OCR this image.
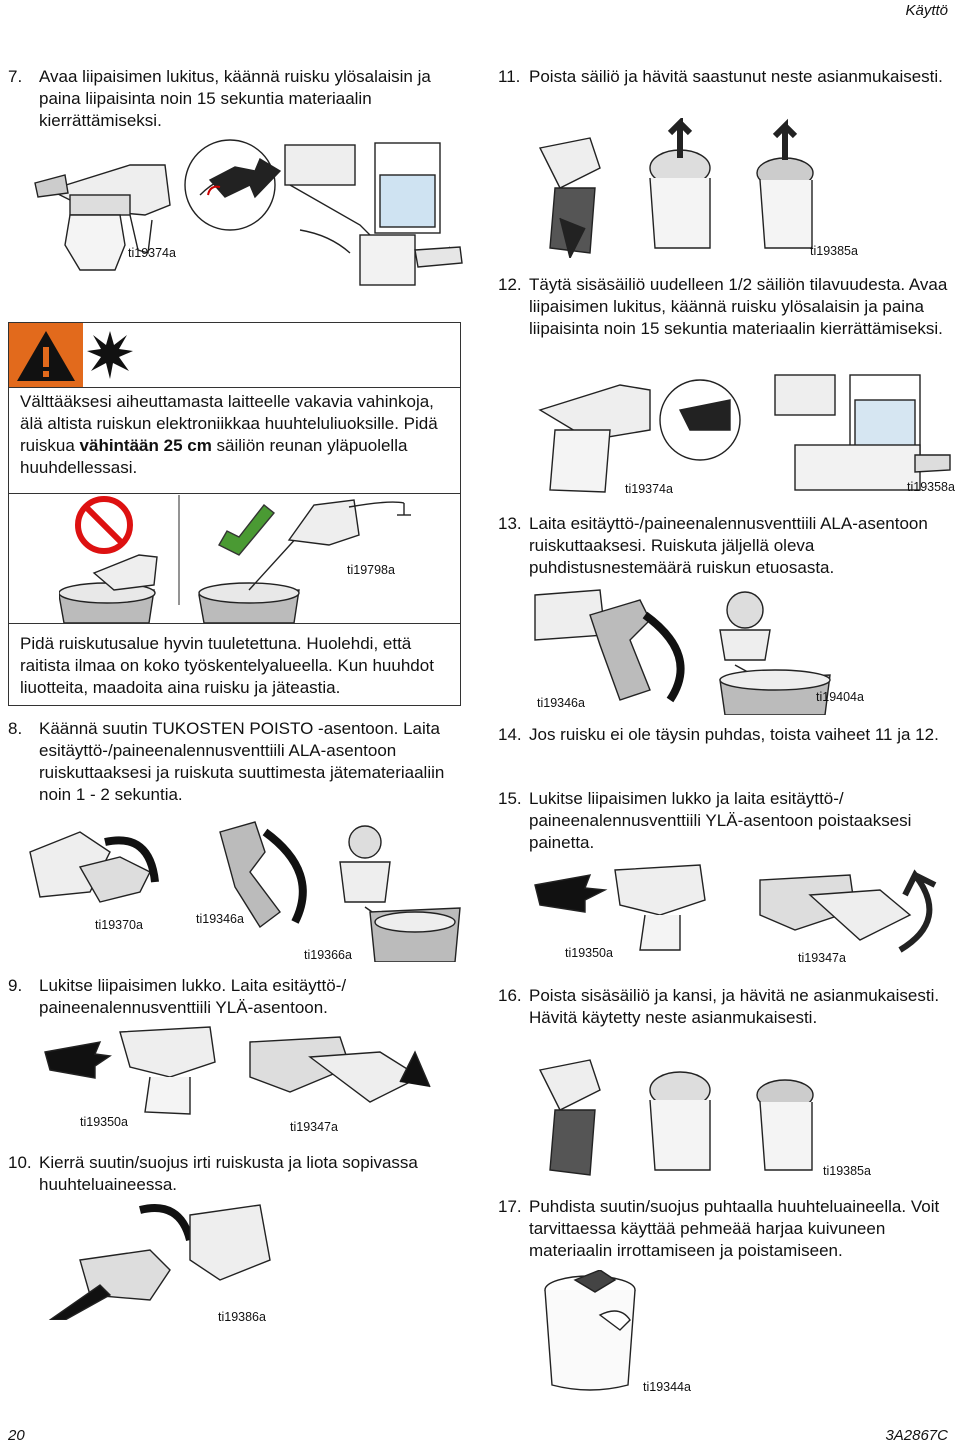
Käyttö
20	3A2867C
7. Avaa liipaisimen lukitus, käännä ruisku ylösalaisin ja paina liipaisinta noin 15 sekuntia materiaalin kierrättämiseksi.
ti19374a
Välttääksesi aiheuttamasta laitteelle vakavia vahinkoja, älä altista ruiskun elektroniikkaa huuhteluliuoksille. Pidä ruiskua vähintään 25 cm säiliön reunan yläpuolella huuhdellessasi.
ti19798a
Pidä ruiskutusalue hyvin tuuletettuna. Huolehdi, että raitista ilmaa on koko työskentelyalueella. Kun huuhdot liuotteita, maadoita aina ruisku ja jäteastia.
8. Käännä suutin TUKOSTEN POISTO -asentoon. Laita esitäyttö-/paineenalennusventtiili ALA-asentoon ruiskuttaaksesi ja ruiskuta suuttimesta jätemateriaaliin noin 1 - 2 sekuntia.
ti19370a	ti19346a
ti19366a
9. Lukitse liipaisimen lukko. Laita esitäyttö-/ paineenalennusventtiili YLÄ-asentoon.
ti19350a	ti19347a
10. Kierrä suutin/suojus irti ruiskusta ja liota sopivassa huuhteluaineessa.
ti19386a
11. Poista säiliö ja hävitä saastunut neste asianmukaisesti.
ti19385a
12. Täytä sisäsäiliö uudelleen 1/2 säiliön tilavuudesta. Avaa liipaisimen lukitus, käännä ruisku ylösalaisin ja paina liipaisinta noin 15 sekuntia materiaalin kierrättämiseksi.
ti19374a	ti19358a
13. Laita esitäyttö-/paineenalennusventtiili ALA-asentoon ruiskuttaaksesi. Ruiskuta jäljellä oleva puhdistusnestemäärä ruiskun etuosasta.
ti19346a	ti19404a
14. Jos ruisku ei ole täysin puhdas, toista vaiheet 11 ja 12.
15. Lukitse liipaisimen lukko ja laita esitäyttö-/ paineenalennusventtiili YLÄ-asentoon poistaaksesi painetta.
ti19350a	ti19347a
16. Poista sisäsäiliö ja kansi, ja hävitä ne asianmukaisesti. Hävitä käytetty neste asianmukaisesti.
ti19385a
17. Puhdista suutin/suojus puhtaalla huuhteluaineella. Voit tarvittaessa käyttää pehmeää harjaa kuivuneen materiaalin irrottamiseen ja poistamiseen.
ti19344a
